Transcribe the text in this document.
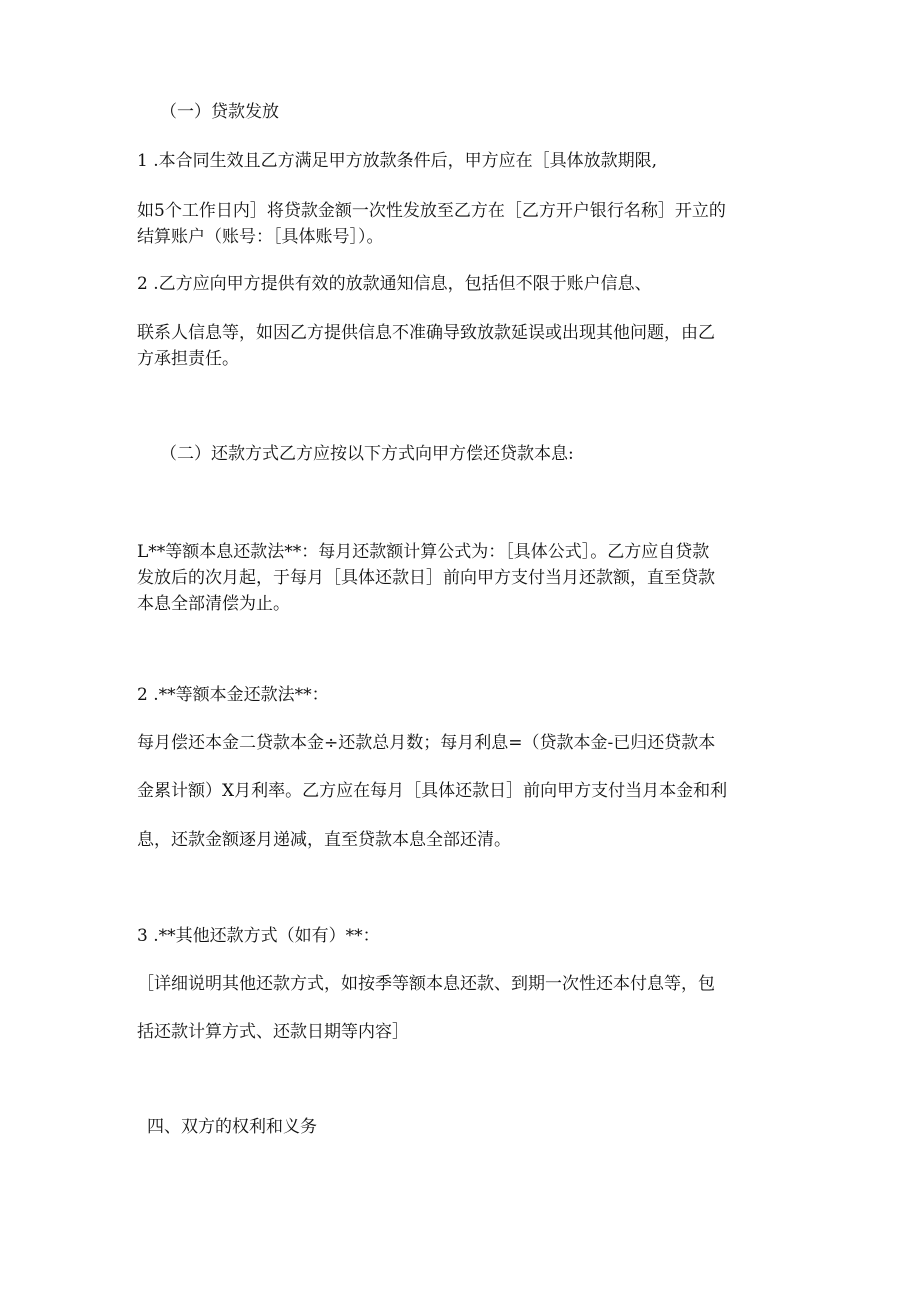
（一）贷款发放

1 .本合同生效且乙方满足甲方放款条件后，甲方应在［具体放款期限,

如5个工作日内］将贷款金额一次性发放至乙方在［乙方开户银行名称］开立的

结算账户（账号：［具体账号］）。

2 .乙方应向甲方提供有效的放款通知信息，包括但不限于账户信息、

联系人信息等，如因乙方提供信息不准确导致放款延误或出现其他问题，由乙

方承担责任。

（二）还款方式乙方应按以下方式向甲方偿还贷款本息:

L**等额本息还款法**：每月还款额计算公式为：［具体公式］。乙方应自贷款

发放后的次月起，于每月［具体还款日］前向甲方支付当月还款额，直至贷款

本息全部清偿为止。

2 .**等额本金还款法**：

每月偿还本金二贷款本金÷还款总月数；每月利息=（贷款本金-已归还贷款本

金累计额）X月利率。乙方应在每月［具体还款日］前向甲方支付当月本金和利

息，还款金额逐月递减，直至贷款本息全部还清。

3 .**其他还款方式（如有）**：

［详细说明其他还款方式，如按季等额本息还款、到期一次性还本付息等，包

括还款计算方式、还款日期等内容］

四、双方的权利和义务
